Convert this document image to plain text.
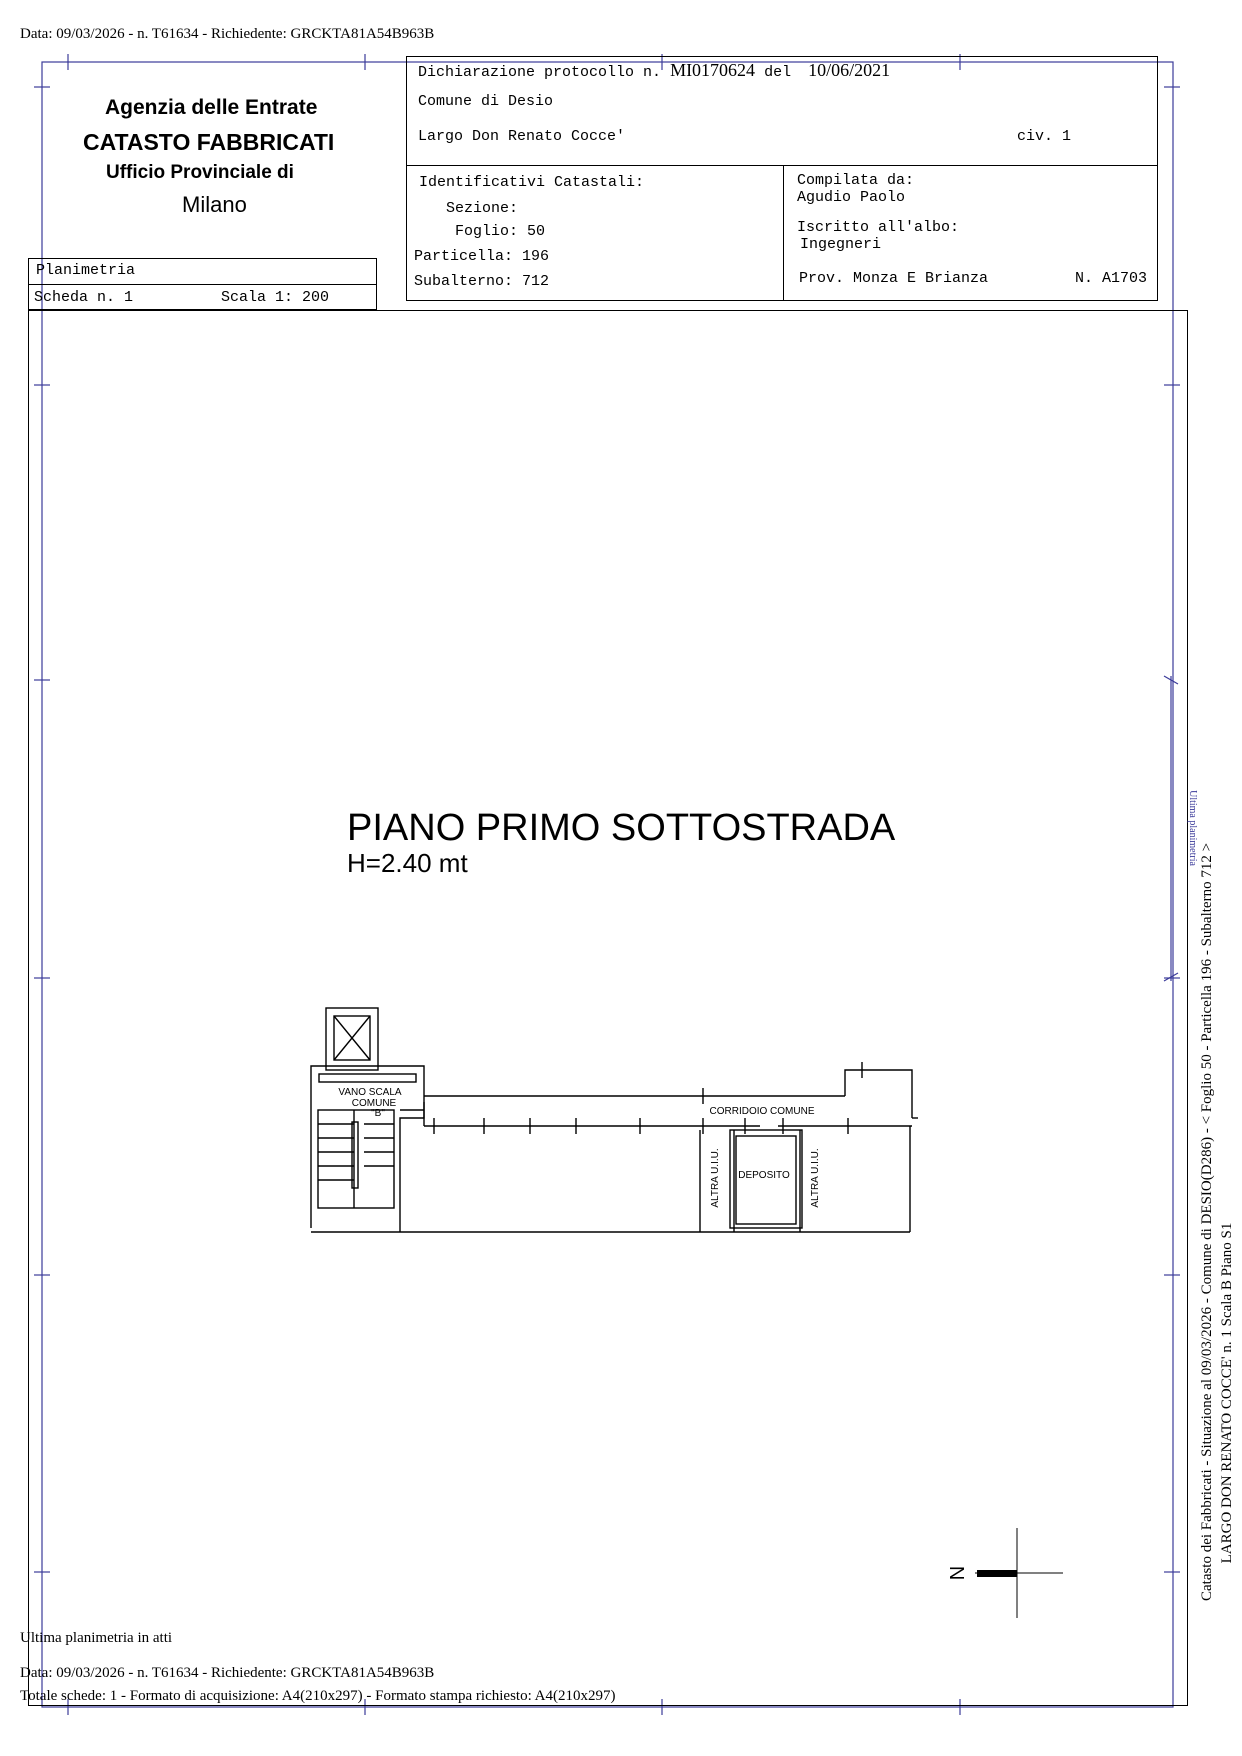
Data: 09/03/2026 - n. T61634 - Richiedente: GRCKTA81A54B963B
Agenzia delle Entrate
CATASTO FABBRICATI
Ufficio Provinciale di
Milano
Dichiarazione protocollo n. MI0170624 del 10/06/2021
Comune di Desio
Largo Don Renato Cocce'	civ. 1
Identificativi Catastali:
Sezione:
Foglio: 50
Particella: 196
Subalterno: 712
Compilata da:
Agudio Paolo
Iscritto all'albo:
Ingegneri
Prov. Monza E Brianza	N. A1703
Planimetria
Scheda n. 1	Scala 1: 200
PIANO PRIMO SOTTOSTRADA
H=2.40 mt
VANO SCALA
COMUNE
"B"	CORRIDOIO COMUNE
DEPOSITO
ALTRA U.I.U.	ALTRA U.I.U.
N
Ultima planimetria
Catasto dei Fabbricati - Situazione al 09/03/2026 - Comune di DESIO(D286) - < Foglio 50 - Particella 196 - Subalterno 712 > LARGO DON RENATO COCCE' n. 1 Scala B Piano S1
Ultima planimetria in atti
Data: 09/03/2026 - n. T61634 - Richiedente: GRCKTA81A54B963B
Totale schede: 1 - Formato di acquisizione: A4(210x297) - Formato stampa richiesto: A4(210x297)
